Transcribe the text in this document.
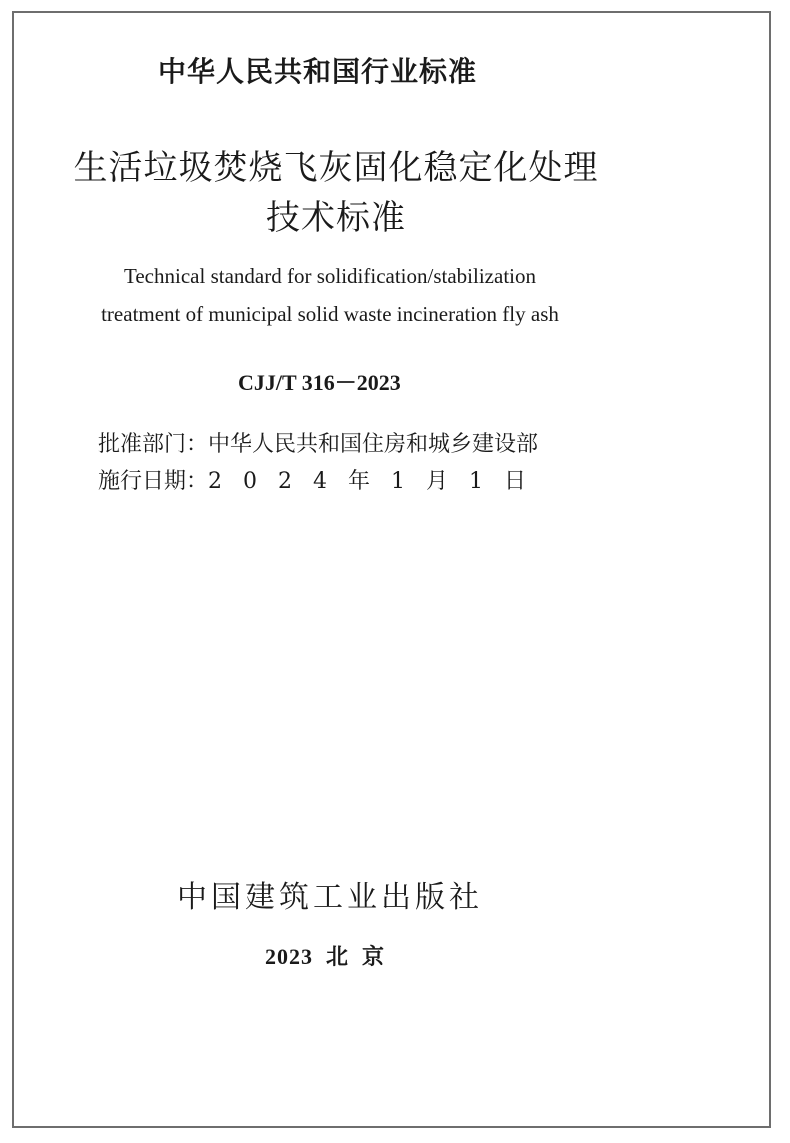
中华人民共和国行业标准

生活垃圾焚烧飞灰固化稳定化处理

技术标准

Technical standard for solidification/stabilization

treatment of municipal solid waste incineration fly ash

CJJ/T 316－2023

批准部门：中华人民共和国住房和城乡建设部

施行日期：2 0 2 4 年 1 月 1 日

中国建筑工业出版社

2023  北  京
